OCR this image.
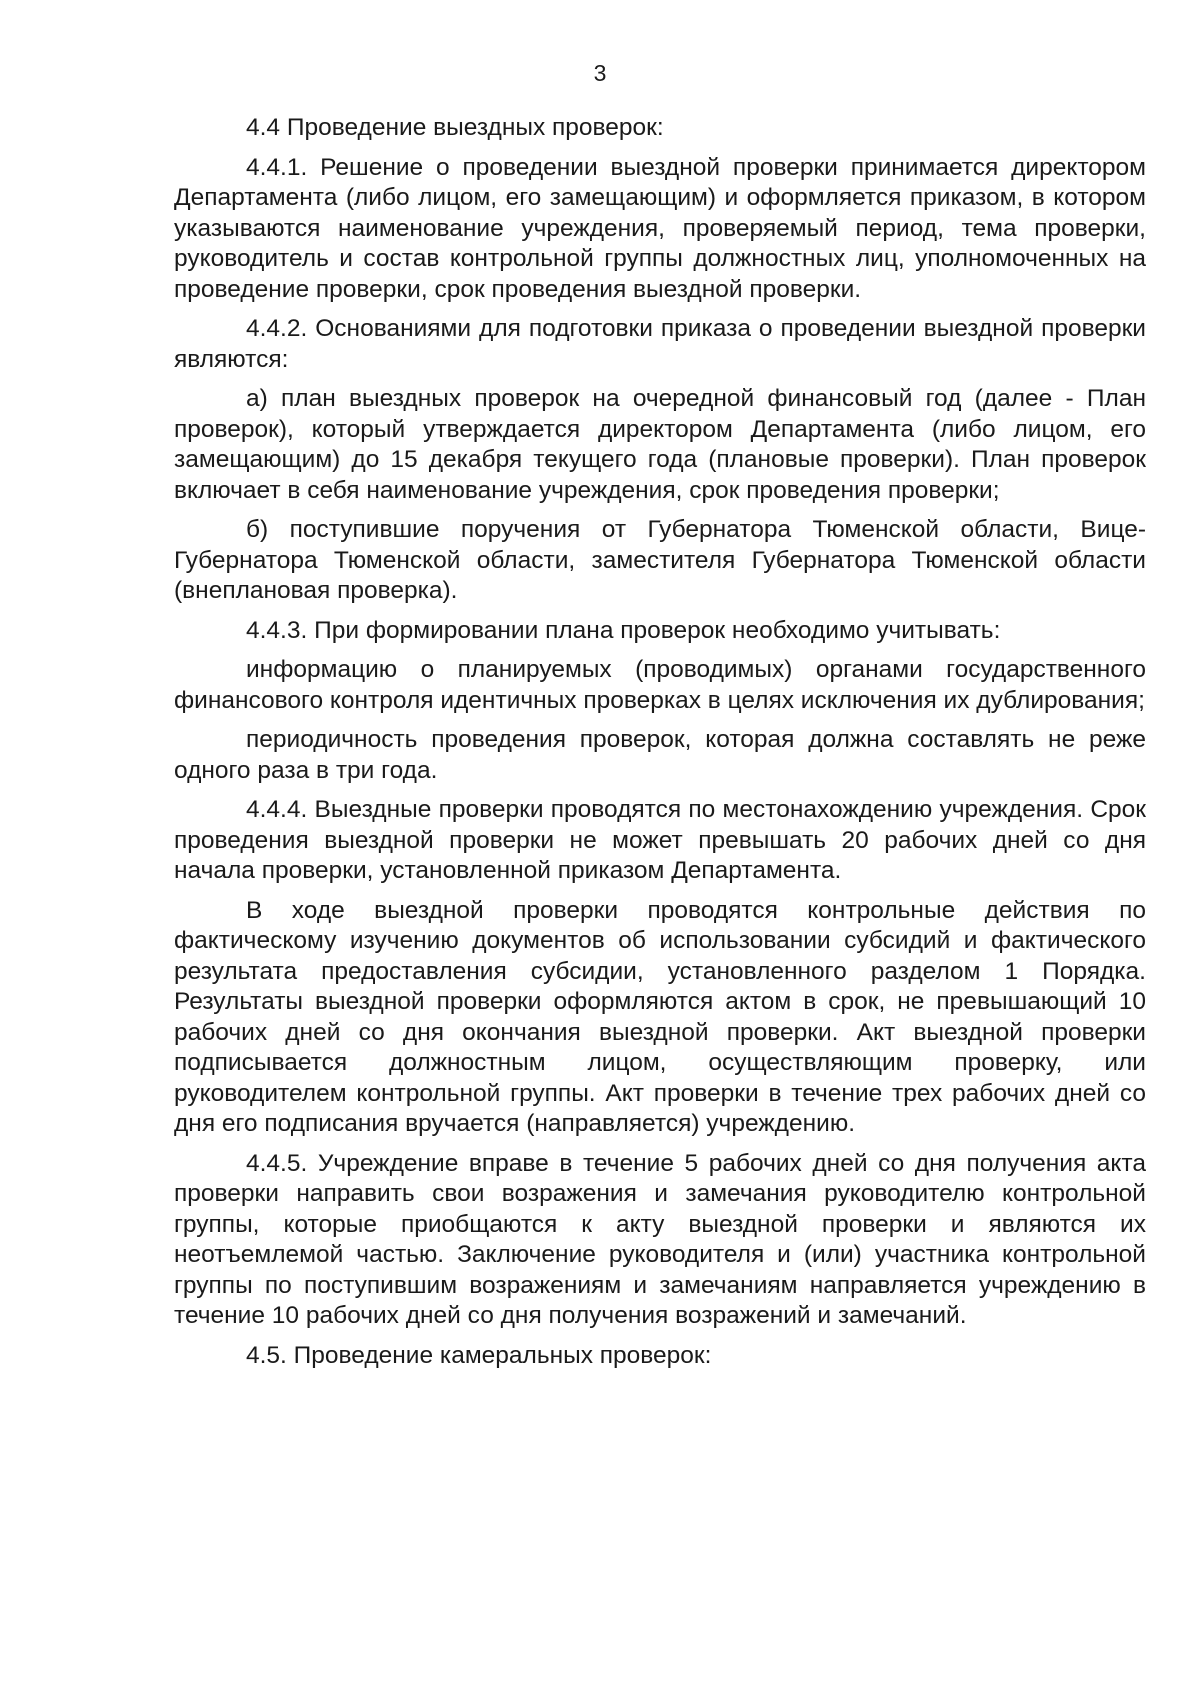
3

4.4 Проведение выездных проверок:

4.4.1. Решение о проведении выездной проверки принимается директором Департамента (либо лицом, его замещающим) и оформляется приказом, в котором указываются наименование учреждения, проверяемый период, тема проверки, руководитель и состав контрольной группы должностных лиц, уполномоченных на проведение проверки, срок проведения выездной проверки.

4.4.2. Основаниями для подготовки приказа о проведении выездной проверки являются:

а) план выездных проверок на очередной финансовый год (далее - План проверок), который утверждается директором Департамента (либо лицом, его замещающим) до 15 декабря текущего года (плановые проверки). План проверок включает в себя наименование учреждения, срок проведения проверки;

б) поступившие поручения от Губернатора Тюменской области, Вице-Губернатора Тюменской области, заместителя Губернатора Тюменской области (внеплановая проверка).

4.4.3. При формировании плана проверок необходимо учитывать:

информацию о планируемых (проводимых) органами государственного финансового контроля идентичных проверках в целях исключения их дублирования;

периодичность проведения проверок, которая должна составлять не реже одного раза в три года.

4.4.4. Выездные проверки проводятся по местонахождению учреждения. Срок проведения выездной проверки не может превышать 20 рабочих дней со дня начала проверки, установленной приказом Департамента.

В ходе выездной проверки проводятся контрольные действия по фактическому изучению документов об использовании субсидий и фактического результата предоставления субсидии, установленного разделом 1 Порядка. Результаты выездной проверки оформляются актом в срок, не превышающий 10 рабочих дней со дня окончания выездной проверки. Акт выездной проверки подписывается должностным лицом, осуществляющим проверку, или руководителем контрольной группы. Акт проверки в течение трех рабочих дней со дня его подписания вручается (направляется) учреждению.

4.4.5. Учреждение вправе в течение 5 рабочих дней со дня получения акта проверки направить свои возражения и замечания руководителю контрольной группы, которые приобщаются к акту выездной проверки и являются их неотъемлемой частью. Заключение руководителя и (или) участника контрольной группы по поступившим возражениям и замечаниям направляется учреждению в течение 10 рабочих дней со дня получения возражений и замечаний.

4.5. Проведение камеральных проверок:
